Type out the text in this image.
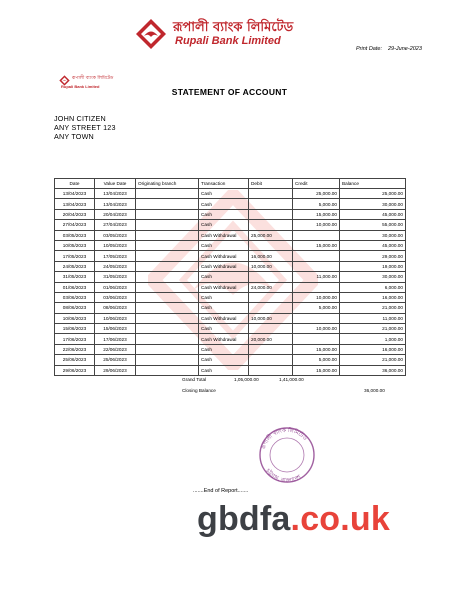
রূপালী ব্যাংক লিমিটেড
Rupali Bank Limited
Print Date: 29-June-2023
রূপালী ব্যাংক লিমিটেড
Rupali Bank Limited
STATEMENT OF ACCOUNT
JOHN CITIZEN
ANY STREET 123
ANY TOWN
Date	Value Date	Originating branch	Transaction	Debit	Credit	Balance
13/04/2023	13/04/2023		Cash		25,000.00	25,000.00
13/04/2023	13/04/2023		Cash		5,000.00	30,000.00
20/04/2023	20/04/2023		Cash		15,000.00	45,000.00
27/04/2023	27/04/2023		Cash		10,000.00	55,000.00
03/05/2023	03/05/2023		Cash Withdrawal	25,000.00		30,000.00
10/05/2023	10/05/2023		Cash		15,000.00	45,000.00
17/05/2023	17/05/2023		Cash Withdrawal	16,000.00		29,000.00
24/05/2023	24/05/2023		Cash Withdrawal	10,000.00		19,000.00
31/05/2023	31/05/2023		Cash		11,000.00	30,000.00
01/06/2023	01/06/2023		Cash Withdrawal	24,000.00		6,000.00
03/06/2023	03/06/2023		Cash		10,000.00	16,000.00
08/06/2023	08/06/2023		Cash		5,000.00	21,000.00
10/06/2023	10/06/2023		Cash Withdrawal	10,000.00		11,000.00
15/06/2023	15/06/2023		Cash		10,000.00	21,000.00
17/06/2023	17/06/2023		Cash Withdrawal	20,000.00		1,000.00
22/06/2023	22/06/2023		Cash		15,000.00	16,000.00
25/06/2023	25/06/2023		Cash		5,000.00	21,000.00
29/06/2023	29/06/2023		Cash		15,000.00	36,000.00
Grand Total	1,05,000.00	1,41,000.00
Closing Balance	36,000.00
রূপালী ব্যাংক লিমিটেড
চট্টগ্রাম, বাংলাদেশ
.......End of Report.......
gbdfa.co.uk
